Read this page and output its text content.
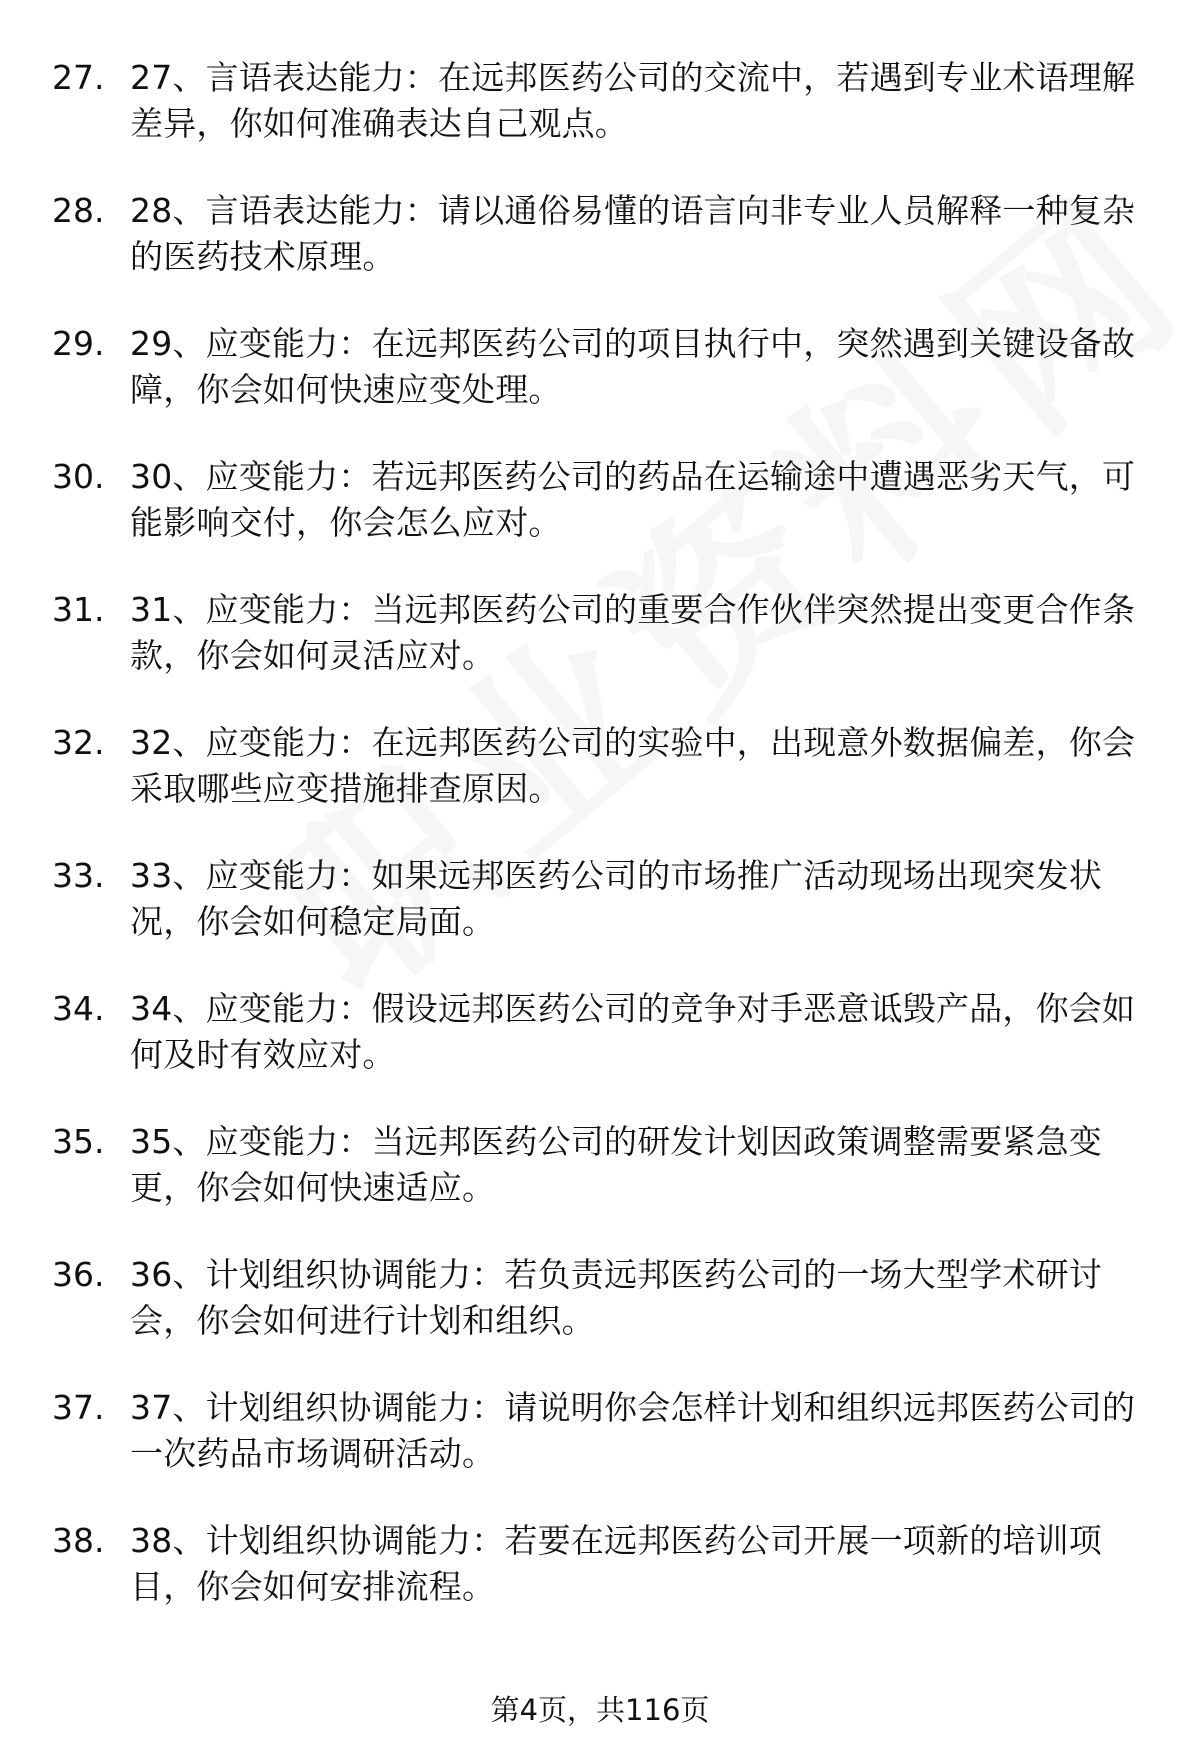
27. 27、言语表达能力：在远邦医药公司的交流中，若遇到专业术语理解差异，你如何准确表达自己观点。
28. 28、言语表达能力：请以通俗易懂的语言向非专业人员解释一种复杂的医药技术原理。
29. 29、应变能力：在远邦医药公司的项目执行中，突然遇到关键设备故障，你会如何快速应变处理。
30. 30、应变能力：若远邦医药公司的药品在运输途中遭遇恶劣天气，可能影响交付，你会怎么应对。
31. 31、应变能力：当远邦医药公司的重要合作伙伴突然提出变更合作条款，你会如何灵活应对。
32. 32、应变能力：在远邦医药公司的实验中，出现意外数据偏差，你会采取哪些应变措施排查原因。
33. 33、应变能力：如果远邦医药公司的市场推广活动现场出现突发状况，你会如何稳定局面。
34. 34、应变能力：假设远邦医药公司的竞争对手恶意诋毁产品，你会如何及时有效应对。
35. 35、应变能力：当远邦医药公司的研发计划因政策调整需要紧急变更，你会如何快速适应。
36. 36、计划组织协调能力：若负责远邦医药公司的一场大型学术研讨会，你会如何进行计划和组织。
37. 37、计划组织协调能力：请说明你会怎样计划和组织远邦医药公司的一次药品市场调研活动。
38. 38、计划组织协调能力：若要在远邦医药公司开展一项新的培训项目，你会如何安排流程。
第4页，共116页
